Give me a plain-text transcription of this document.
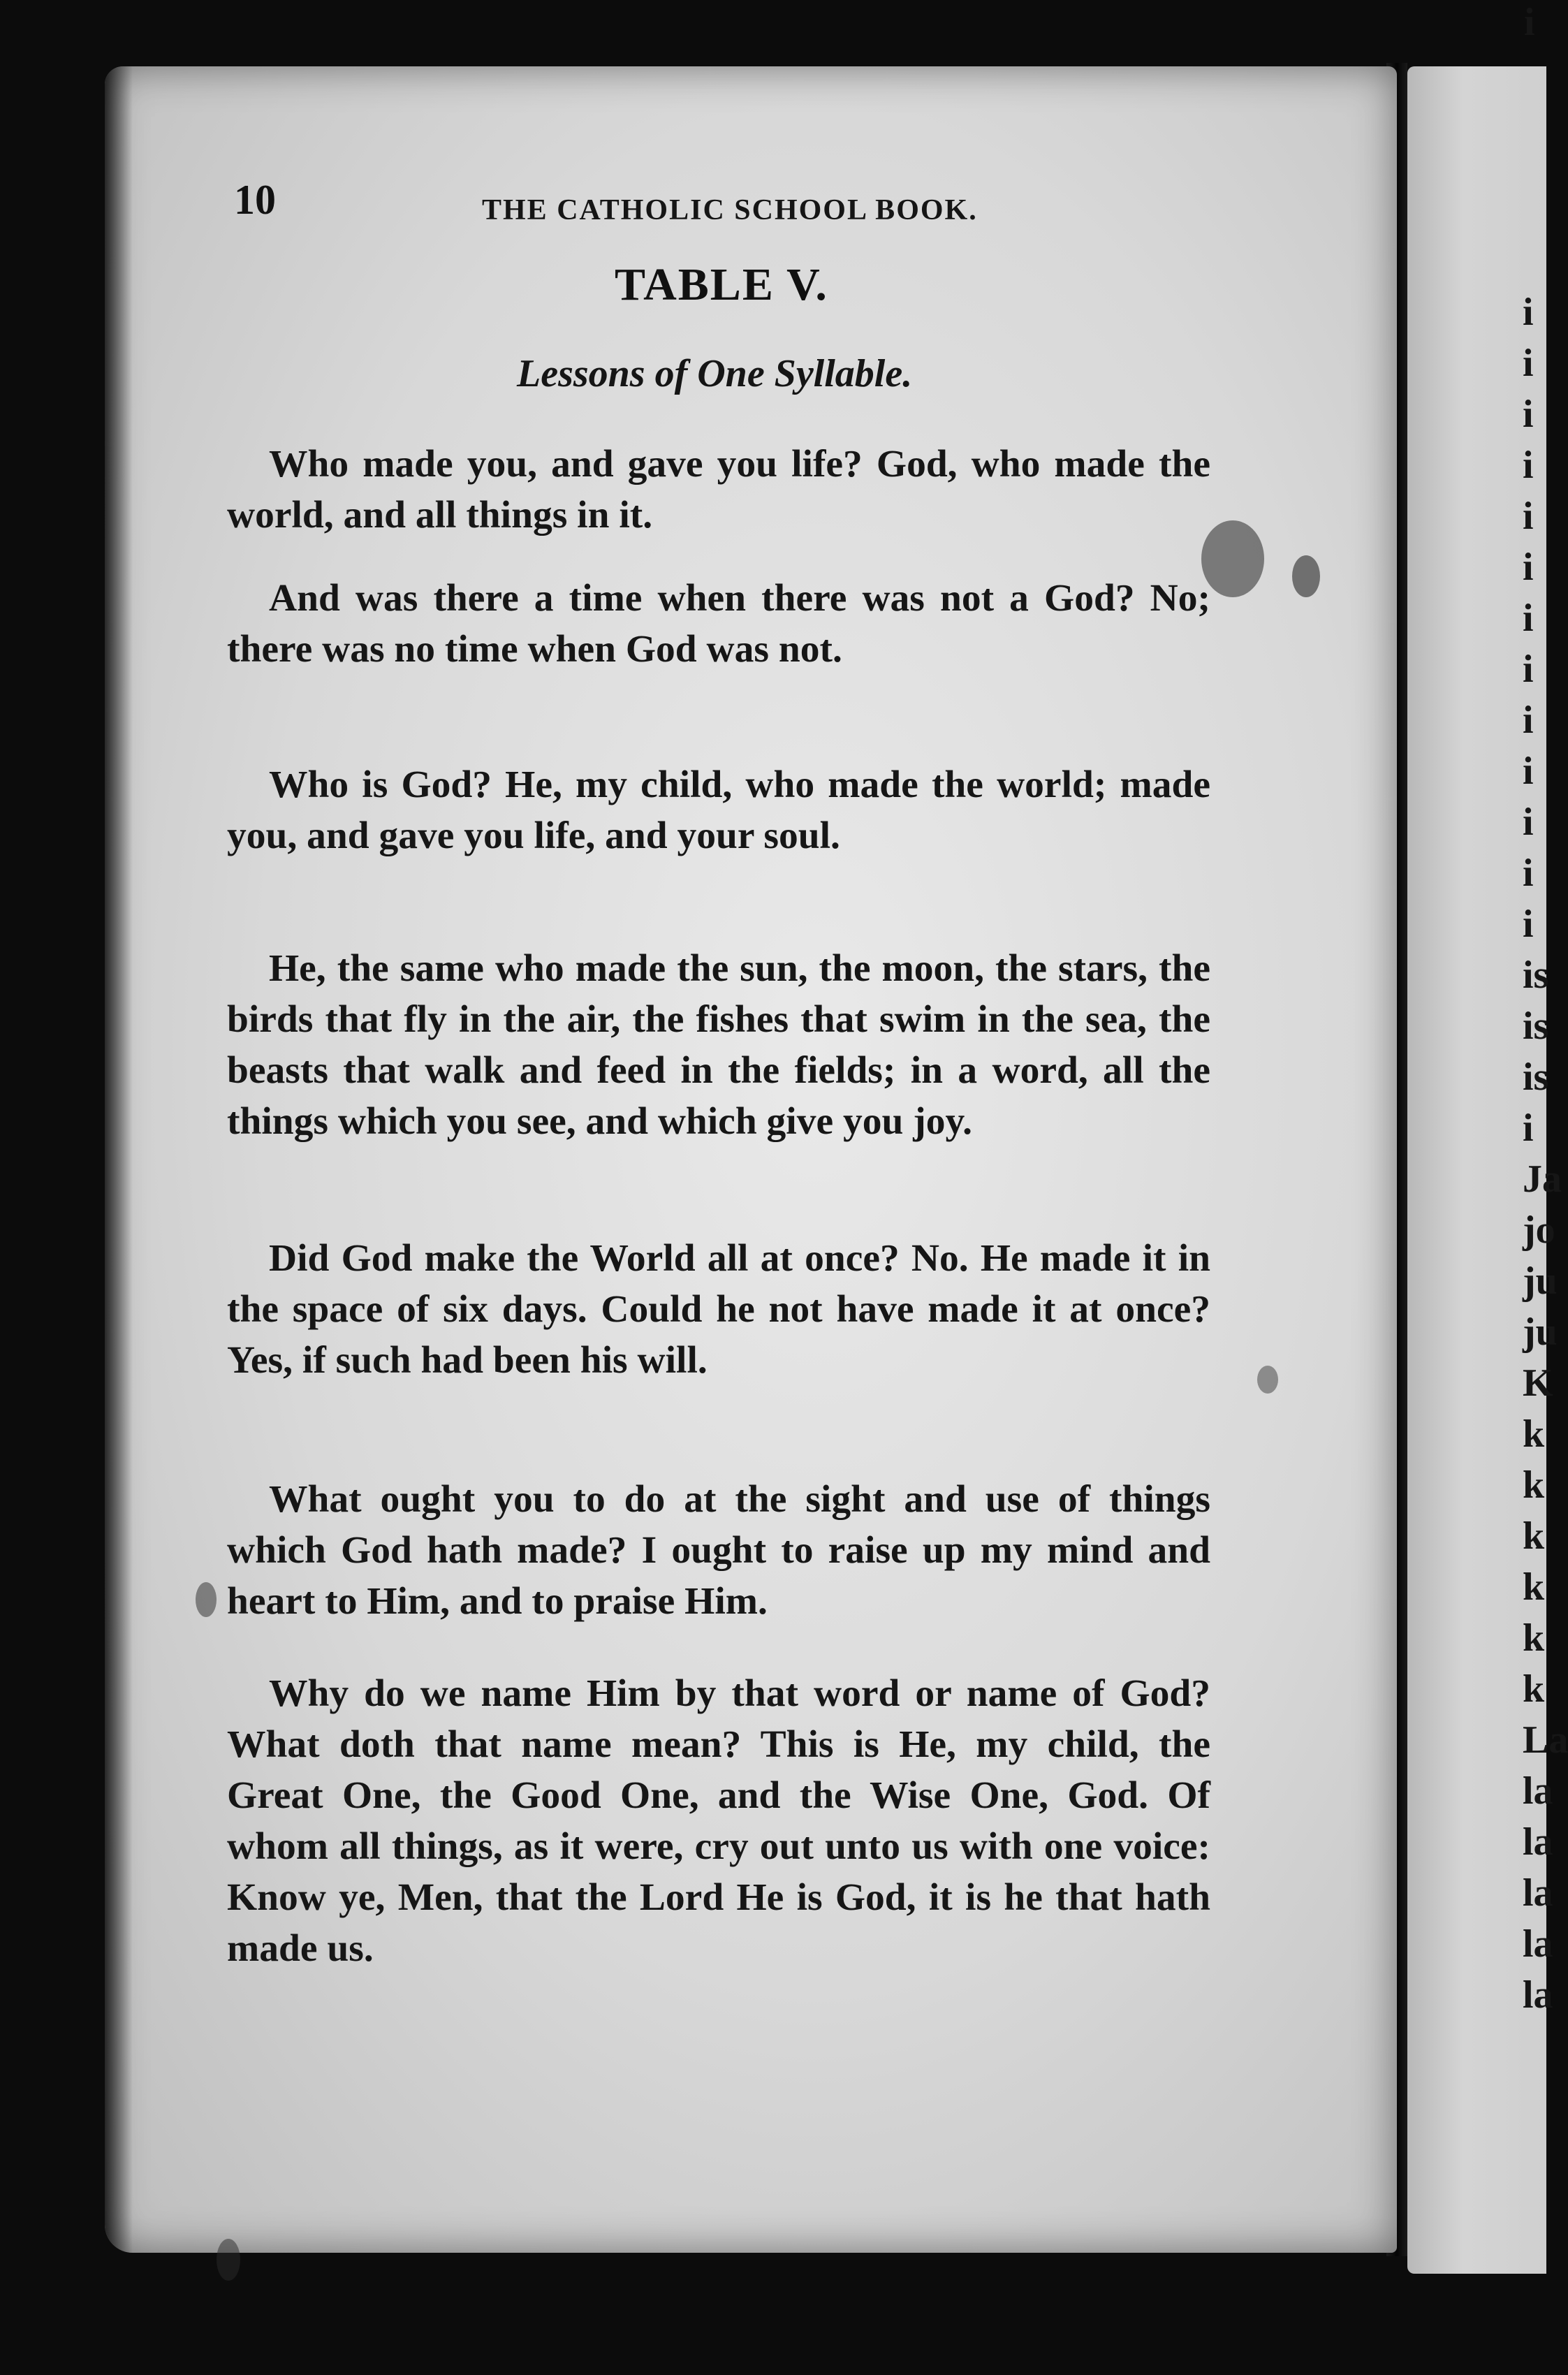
i

i

i

i

i

i

i

i

i

i

i

i

i

i

is

is

is

i

Ja

jo

ju

ju

K

k

k

k

k

k

k

La

la

la

la

la

la

10	THE CATHOLIC SCHOOL BOOK.

TABLE V.

Lessons of One Syllable.

Who made you, and gave you life? God, who made the world, and all things in it.

And was there a time when there was not a God? No; there was no time when God was not.

Who is God? He, my child, who made the world; made you, and gave you life, and your soul.

He, the same who made the sun, the moon, the stars, the birds that fly in the air, the fishes that swim in the sea, the beasts that walk and feed in the fields; in a word, all the things which you see, and which give you joy.

Did God make the World all at once? No. He made it in the space of six days. Could he not have made it at once? Yes, if such had been his will.

What ought you to do at the sight and use of things which God hath made? I ought to raise up my mind and heart to Him, and to praise Him.

Why do we name Him by that word or name of God? What doth that name mean? This is He, my child, the Great One, the Good One, and the Wise One, God. Of whom all things, as it were, cry out unto us with one voice: Know ye, Men, that the Lord He is God, it is he that hath made us.
